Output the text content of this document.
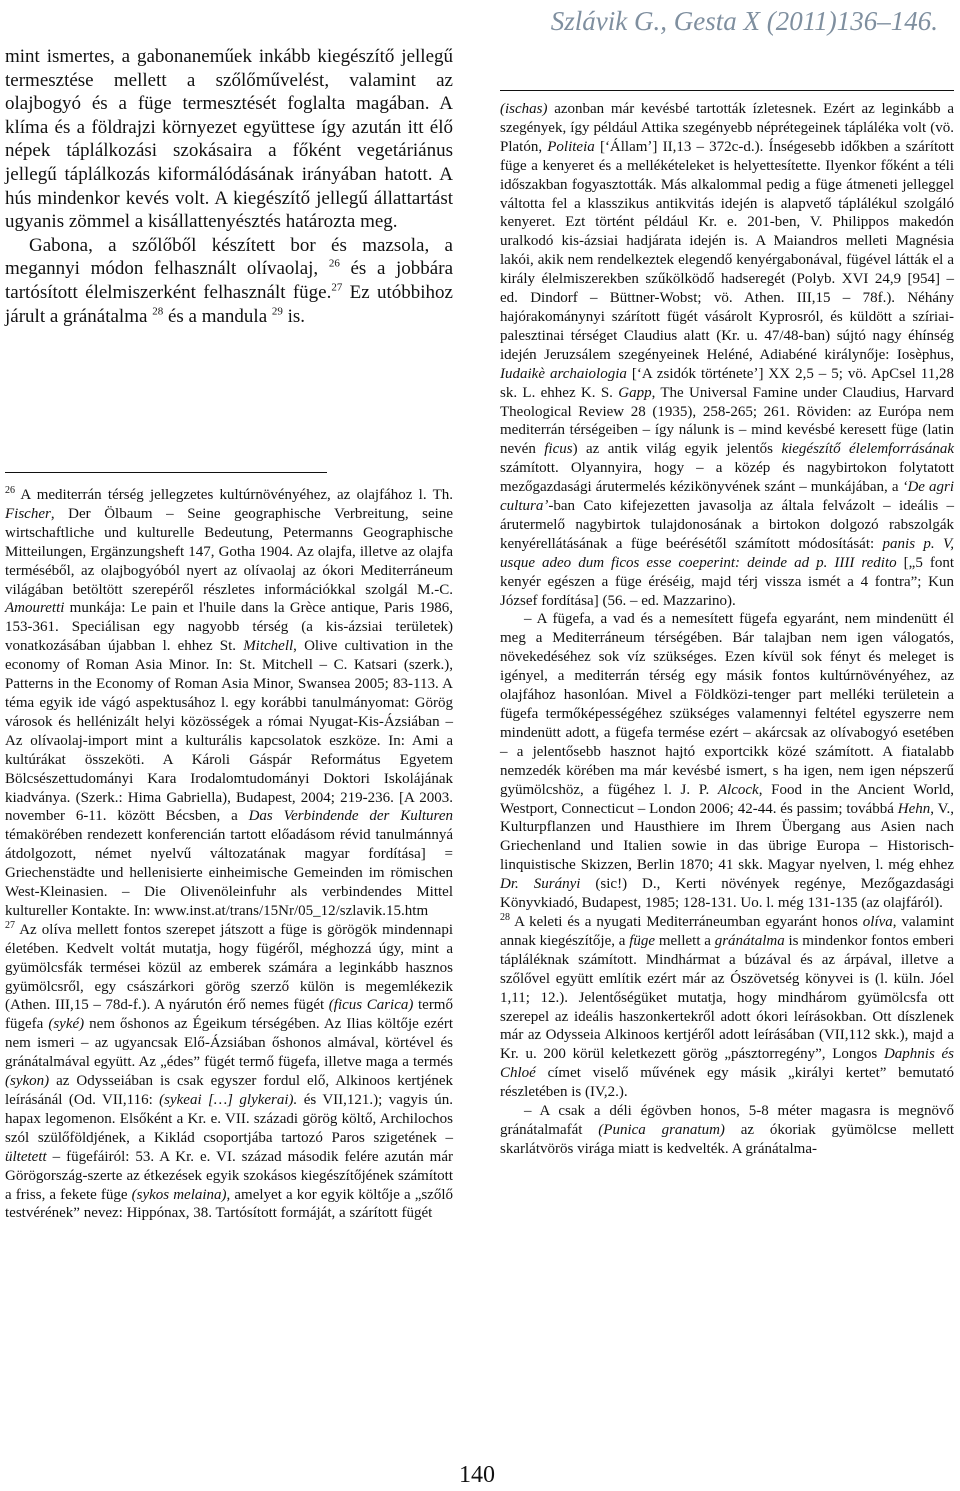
Szlávik G., Gesta X (2011)136–146.

mint ismertes, a gabonaneműek inkább kiegészítő jellegű termesztése mellett a szőlőművelést, valamint az olajbogyó és a füge termesztését foglalta magában. A klíma és a földrajzi környezet együttese így azután itt élő népek táplálkozási szokásaira a főként vegetáriánus jellegű táplálkozás kiformálódásának irányában hatott. A hús mindenkor kevés volt. A kiegészítő jellegű állattartást ugyanis zömmel a kisállattenyésztés határozta meg.

Gabona, a szőlőből készített bor és mazsola, a megannyi módon felhasznált olívaolaj, $^{26}$ és a jobbára tartósított élelmiszerként felhasznált füge.$^{27}$ Ez utóbbihoz járult a gránátalma $^{28}$ és a mandula $^{29}$ is.

$^{26}$ A mediterrán térség jellegzetes kultúrnövényéhez, az olajfához l. Th. Fischer, Der Ölbaum – Seine geographische Verbreitung, seine wirtschaftliche und kulturelle Bedeutung, Petermanns Geographische Mitteilungen, Ergänzungsheft 147, Gotha 1904. Az olajfa, illetve az olajfa terméséből, az olajbogyóból nyert az olívaolaj az ókori Mediterráneum világában betöltött szerepéről részletes információkkal szolgál M.-C. Amouretti munkája: Le pain et l'huile dans la Grèce antique, Paris 1986, 153-361. Speciálisan egy nagyobb térség (a kis-ázsiai területek) vonatkozásában újabban l. ehhez St. Mitchell, Olive cultivation in the economy of Roman Asia Minor. In: St. Mitchell – C. Katsari (szerk.), Patterns in the Economy of Roman Asia Minor, Swansea 2005; 83-113. A téma egyik ide vágó aspektusához l. egy korábbi tanulmányomat: Görög városok és hellénizált helyi közösségek a római Nyugat-Kis-Ázsiában – Az olívaolaj-import mint a kulturális kapcsolatok eszköze. In: Ami a kultúrákat összeköti. A Károli Gáspár Református Egyetem Bölcsészettudományi Kara Irodalomtudományi Doktori Iskolájának kiadványa. (Szerk.: Hima Gabriella), Budapest, 2004; 219-236. [A 2003. november 6-11. között Bécsben, a Das Verbindende der Kulturen témakörében rendezett konferencián tartott előadásom révid tanulmánnyá átdolgozott, német nyelvű változatának magyar fordítása] = Griechenstädte und hellenisierte einheimische Gemeinden im römischen West-Kleinasien. – Die Olivenöleinfuhr als verbindendes Mittel kultureller Kontakte. In: www.inst.at/trans/15Nr/05_12/szlavik.15.htm

$^{27}$ Az olíva mellett fontos szerepet játszott a füge is görögök mindennapi életében. Kedvelt voltát mutatja, hogy fügéről, méghozzá úgy, mint a gyümölcsfák termései közül az emberek számára a leginkább hasznos gyümölcsről, egy császárkori görög szerző külön is megemlékezik (Athen. III,15 – 78d-f.). A nyárutón érő nemes fügét (ficus Carica) termő fügefa (syké) nem őshonos az Égeikum térségében. Az Ilias költője ezért nem ismeri – az ugyancsak Elő-Ázsiában őshonos almával, körtével és gránátalmával együtt. Az „édes” fügét termő fügefa, illetve maga a termés (sykon) az Odysseiában is csak egyszer fordul elő, Alkinoos kertjének leírásánál (Od. VII,116: (sykeai […] glykerai). és VII,121.); vagyis ún. hapax legomenon. Elsőként a Kr. e. VII. századi görög költő, Archilochos szól szülőföldjének, a Kiklád csoportjába tartozó Paros szigetének – ültetett – fügefáiról: 53. A Kr. e. VI. század második felére azután már Görögország-szerte az étkezések egyik szokásos kiegészítőjének számított a friss, a fekete füge (sykos melaina), amelyet a kor egyik költője a „szőlő testvérének” nevez: Hippónax, 38. Tartósított formáját, a szárított fügét

(ischas) azonban már kevésbé tartották ízletesnek. Ezért az leginkább a szegények, így például Attika szegényebb néprétegeinek tápláléka volt (vö. Platón, Politeia [ʻÁllamʼ] II,13 – 372c-d.). Ínségesebb időkben a szárított füge a kenyeret és a mellékételeket is helyettesítette. Ilyenkor főként a téli időszakban fogyasztották. Más alkalommal pedig a füge átmeneti jelleggel váltotta fel a klasszikus antikvitás idején is alapvető táplálékul szolgáló kenyeret. Ezt történt például Kr. e. 201-ben, V. Philippos makedón uralkodó kis-ázsiai hadjárata idején is. A Maiandros melleti Magnésia lakói, akik nem rendelkeztek elegendő kenyérgabonával, fügével látták el a király élelmiszerekben szűkölködő hadseregét (Polyb. XVI 24,9 [954] – ed. Dindorf – Büttner-Wobst; vö. Athen. III,15 – 78f.). Néhány hajórakománynyi szárított fügét vásárolt Kyprosról, és küldött a szíriai-palesztinai térséget Claudius alatt (Kr. u. 47/48-ban) sújtó nagy éhínség idején Jeruzsálem szegényeinek Heléné, Adiabéné királynője: Iosèphus, Iudaikè archaiologia [ʻA zsidók történeteʼ] XX 2,5 – 5; vö. ApCsel 11,28 sk. L. ehhez K. S. Gapp, The Universal Famine under Claudius, Harvard Theological Review 28 (1935), 258-265; 261. Röviden: az Európa nem mediterrán térségeiben – így nálunk is – mind kevésbé keresett füge (latin nevén ficus) az antik világ egyik jelentős kiegészítő élelemforrásának számított. Olyannyira, hogy – a közép és nagybirtokon folytatott mezőgazdasági árutermelés kézikönyvének szánt – munkájában, a ʻDe agri culturaʼ-ban Cato kifejezetten javasolja az általa felvázolt – ideális – árutermelő nagybirtok tulajdonosának a birtokon dolgozó rabszolgák kenyérellátásának a füge beérésétől számított módosítását: panis p. V, usque adeo dum ficos esse coeperint: deinde ad p. IIII redito [„5 font kenyér egészen a füge éréséig, majd térj vissza ismét a 4 fontra”; Kun József fordítása] (56. – ed. Mazzarino).

– A fügefa, a vad és a nemesített fügefa egyaránt, nem mindenütt él meg a Mediterráneum térségében. Bár talajban nem igen válogatós, növekedéséhez sok víz szükséges. Ezen kívül sok fényt és meleget is igényel, a mediterrán térség egy másik fontos kultúrnövényéhez, az olajfához hasonlóan. Mivel a Földközi-tenger part melléki területein a fügefa termőképességéhez szükséges valamennyi feltétel egyszerre nem mindenütt adott, a fügefa termése ezért – akárcsak az olívabogyó esetében – a jelentősebb hasznot hajtó exportcikk közé számított. A fiatalabb nemzedék körében ma már kevésbé ismert, s ha igen, nem igen népszerű gyümölcshöz, a fügéhez l. J. P. Alcock, Food in the Ancient World, Westport, Connecticut – London 2006; 42-44. és passim; továbbá Hehn, V., Kulturpflanzen und Hausthiere im Ihrem Übergang aus Asien nach Griechenland und Italien sowie in das übrige Europa – Historisch-linquistische Skizzen, Berlin 1870; 41 skk. Magyar nyelven, l. még ehhez Dr. Surányi (sic!) D., Kerti növények regénye, Mezőgazdasági Könyvkiadó, Budapest, 1985; 128-131. Uo. l. még 131-135 (az olajfáról).

$^{28}$ A keleti és a nyugati Mediterráneumban egyaránt honos olíva, valamint annak kiegészítője, a füge mellett a gránátalma is mindenkor fontos emberi tápláléknak számított. Mindhármat a búzával és az árpával, illetve a szőlővel együtt említik ezért már az Ószövetség könyvei is (l. küln. Jóel 1,11; 12.). Jelentőségüket mutatja, hogy mindhárom gyümölcsfa ott szerepel az ideális haszonkertekről adott ókori leírásokban. Ott díszlenek már az Odysseia Alkinoos kertjéről adott leírásában (VII,112 skk.), majd a Kr. u. 200 körül keletkezett görög „pásztorregény”, Longos Daphnis és Chloé címet viselő művének egy másik „királyi kertet” bemutató részletében is (IV,2.).

– A csak a déli égövben honos, 5-8 méter magasra is megnövő gránátalmafát (Punica granatum) az ókoriak gyümölcse mellett skarlátvörös virága miatt is kedvelték. A gránátalma-

140
